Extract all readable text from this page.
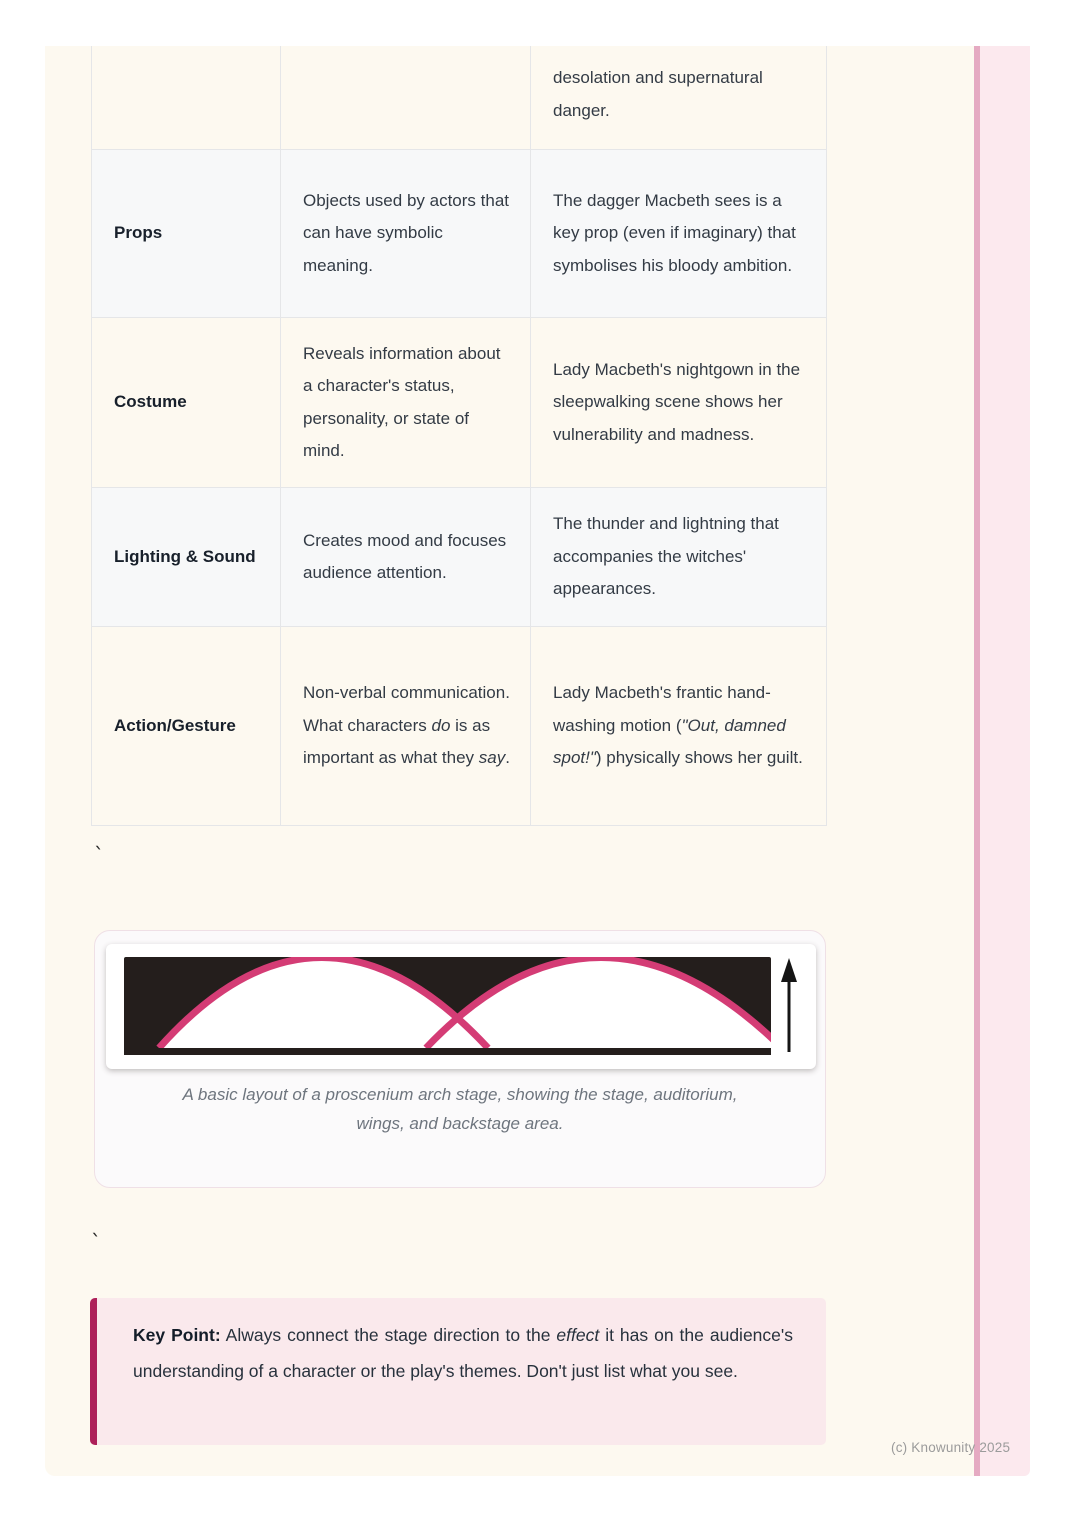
		desolation and supernatural danger.
Props	Objects used by actors that can have symbolic meaning.	The dagger Macbeth sees is a key prop (even if imaginary) that symbolises his bloody ambition.
Costume	Reveals information about a character's status, personality, or state of mind.	Lady Macbeth's nightgown in the sleepwalking scene shows her vulnerability and madness.
Lighting & Sound	Creates mood and focuses audience attention.	The thunder and lightning that accompanies the witches' appearances.
Action/Gesture	Non-verbal communication. What characters do is as important as what they say.	Lady Macbeth's frantic hand-washing motion ("Out, damned spot!") physically shows her guilt.
`
`
A basic layout of a proscenium arch stage, showing the stage, auditorium,
wings, and backstage area.
Key Point: Always connect the stage direction to the effect it has on the audience's understanding of a character or the play's themes. Don't just list what you see.
(c) Knowunity 2025
